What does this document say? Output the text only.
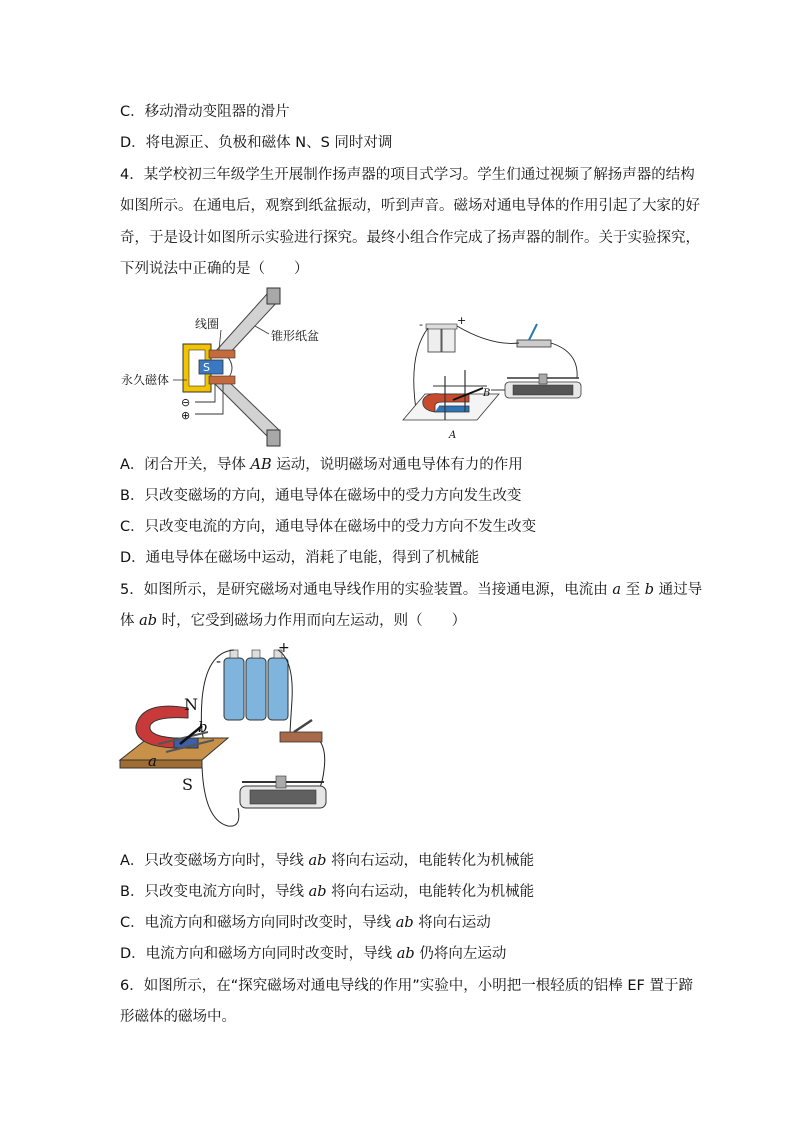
C．移动滑动变阻器的滑片
D．将电源正、负极和磁体 N、S 同时对调
4．某学校初三年级学生开展制作扬声器的项目式学习。学生们通过视频了解扬声器的结构
如图所示。在通电后，观察到纸盆振动，听到声音。磁场对通电导体的作用引起了大家的好
奇，于是设计如图所示实验进行探究。最终小组合作完成了扬声器的制作。关于实验探究，
下列说法中正确的是（　　）
S
⊖
⊕
线圈
锥形纸盆
永久磁体
-	+
A
B
A．闭合开关，导体 AB 运动，说明磁场对通电导体有力的作用
B．只改变磁场的方向，通电导体在磁场中的受力方向发生改变
C．只改变电流的方向，通电导体在磁场中的受力方向不发生改变
D．通电导体在磁场中运动，消耗了电能，得到了机械能
5．如图所示，是研究磁场对通电导线作用的实验装置。当接通电源，电流由 a 至 b 通过导
体 ab 时，它受到磁场力作用而向左运动，则（　　）
-
+
N
S
a
b
A．只改变磁场方向时，导线 ab 将向右运动，电能转化为机械能
B．只改变电流方向时，导线 ab 将向右运动，电能转化为机械能
C．电流方向和磁场方向同时改变时，导线 ab 将向右运动
D．电流方向和磁场方向同时改变时，导线 ab 仍将向左运动
6．如图所示，在“探究磁场对通电导线的作用”实验中，小明把一根轻质的铝棒 EF 置于蹄
形磁体的磁场中。
